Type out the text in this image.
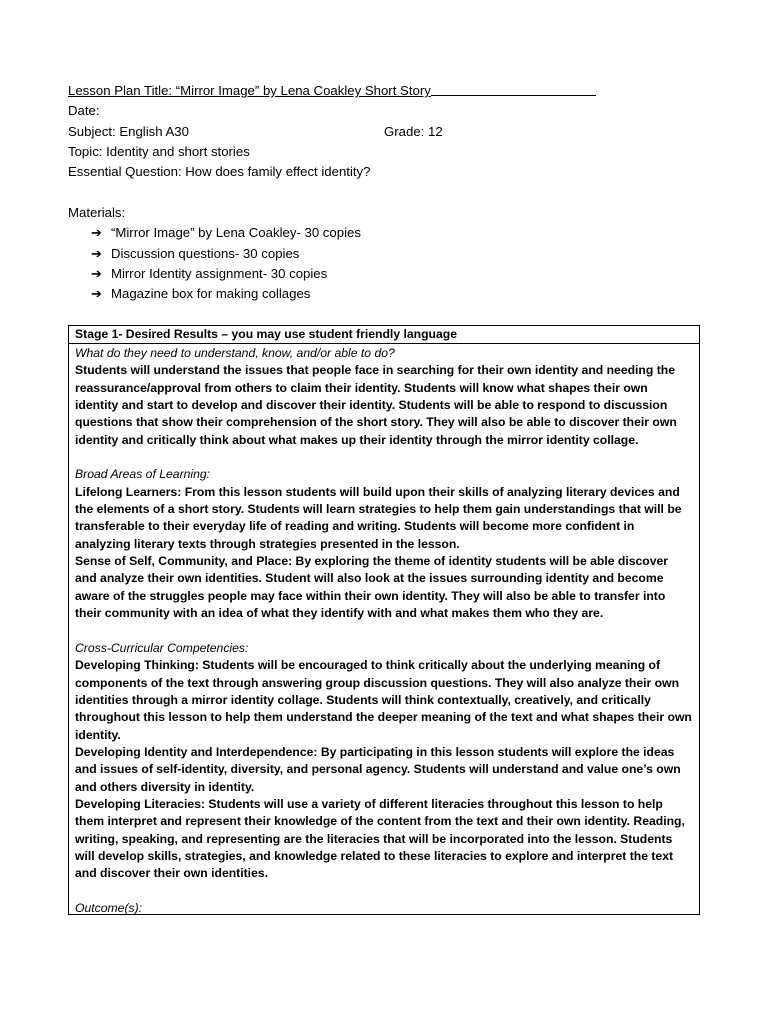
Lesson Plan Title: “Mirror Image” by Lena Coakley Short Story
Date:
Subject: English A30	Grade: 12
Topic: Identity and short stories
Essential Question: How does family effect identity?
Materials:
➔ “Mirror Image” by Lena Coakley- 30 copies
➔ Discussion questions- 30 copies
➔ Mirror Identity assignment- 30 copies
➔ Magazine box for making collages
Stage 1- Desired Results – you may use student friendly language

What do they need to understand, know, and/or able to do?

Students will understand the issues that people face in searching for their own identity and needing the reassurance/approval from others to claim their identity. Students will know what shapes their own identity and start to develop and discover their identity. Students will be able to respond to discussion questions that show their comprehension of the short story. They will also be able to discover their own identity and critically think about what makes up their identity through the mirror identity collage.

Broad Areas of Learning:

Lifelong Learners: From this lesson students will build upon their skills of analyzing literary devices and the elements of a short story. Students will learn strategies to help them gain understandings that will be transferable to their everyday life of reading and writing. Students will become more confident in analyzing literary texts through strategies presented in the lesson.

Sense of Self, Community, and Place: By exploring the theme of identity students will be able discover and analyze their own identities. Student will also look at the issues surrounding identity and become aware of the struggles people may face within their own identity. They will also be able to transfer into their community with an idea of what they identify with and what makes them who they are.

Cross-Curricular Competencies:

Developing Thinking: Students will be encouraged to think critically about the underlying meaning of components of the text through answering group discussion questions. They will also analyze their own identities through a mirror identity collage. Students will think contextually, creatively, and critically throughout this lesson to help them understand the deeper meaning of the text and what shapes their own identity.

Developing Identity and Interdependence: By participating in this lesson students will explore the ideas and issues of self-identity, diversity, and personal agency. Students will understand and value one’s own and others diversity in identity.

Developing Literacies: Students will use a variety of different literacies throughout this lesson to help them interpret and represent their knowledge of the content from the text and their own identity. Reading, writing, speaking, and representing are the literacies that will be incorporated into the lesson. Students will develop skills, strategies, and knowledge related to these literacies to explore and interpret the text and discover their own identities.

Outcome(s):
